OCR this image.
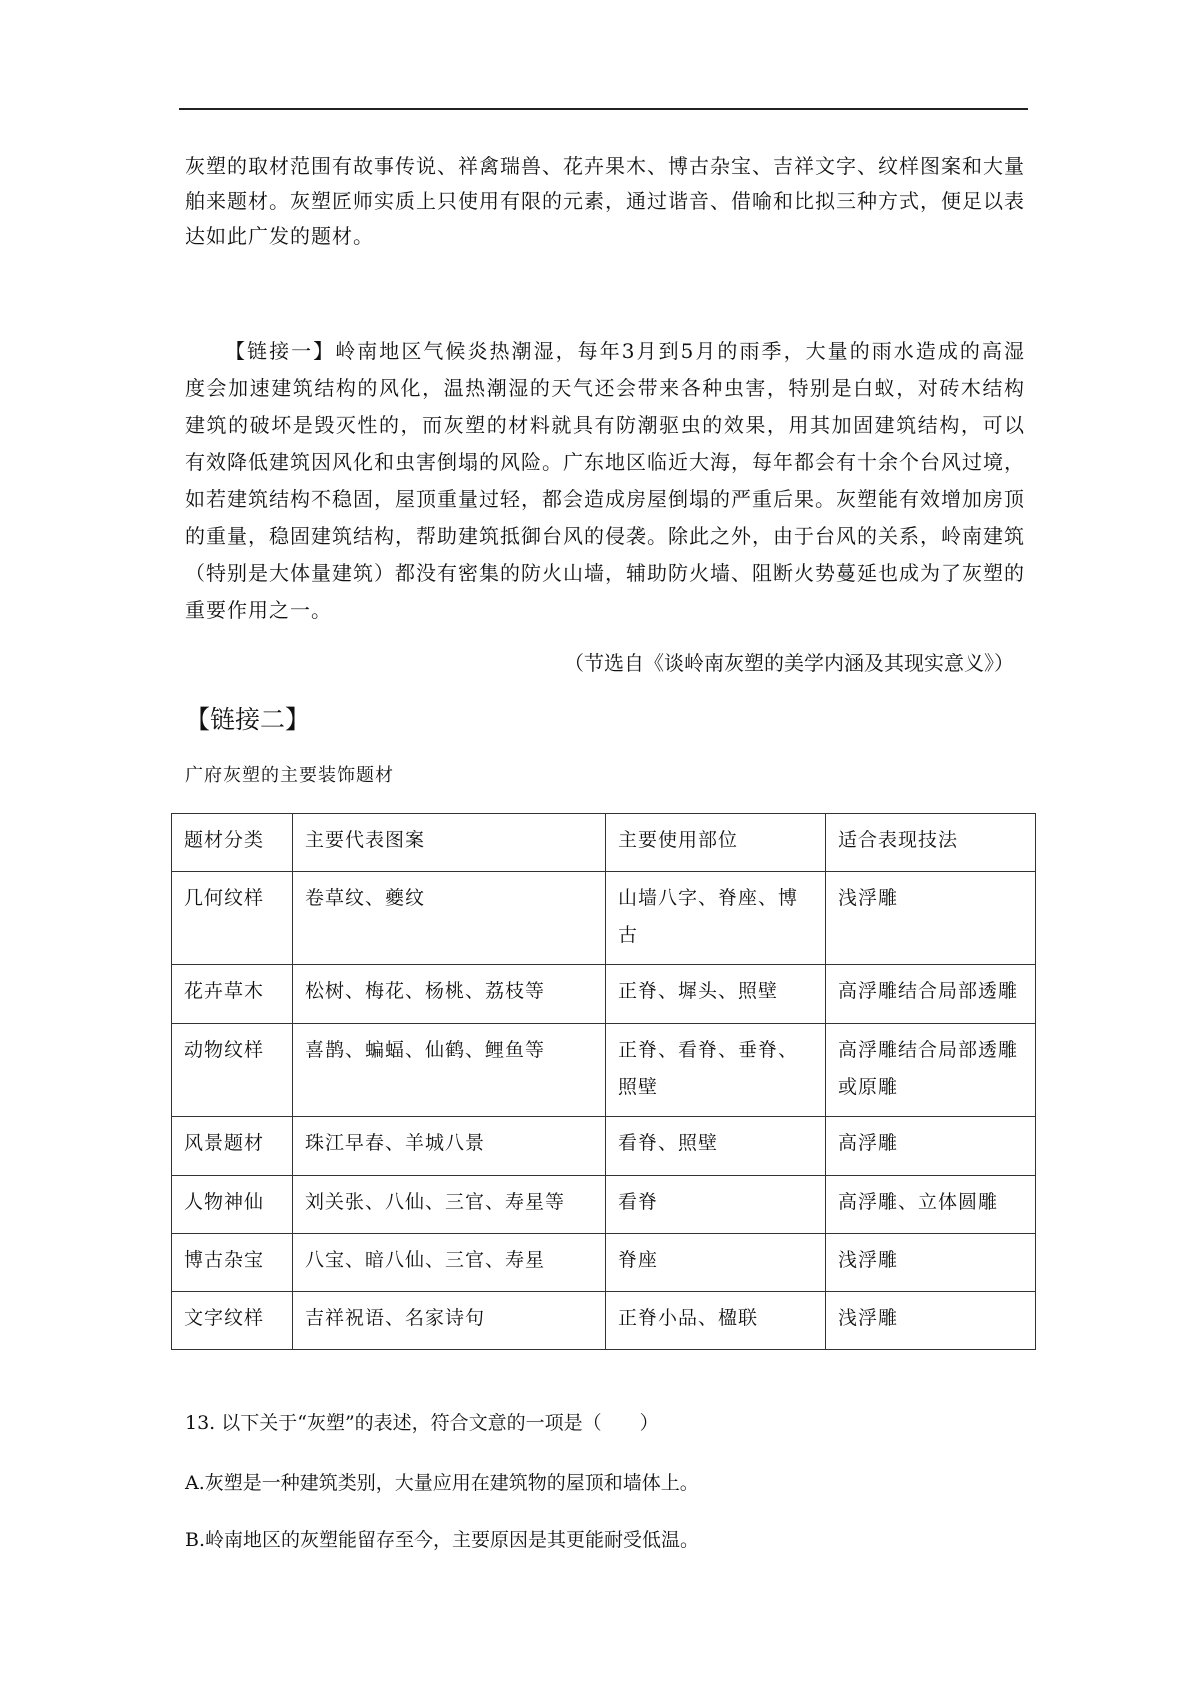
灰塑的取材范围有故事传说、祥禽瑞兽、花卉果木、博古杂宝、吉祥文字、纹样图案和大量
舶来题材。灰塑匠师实质上只使用有限的元素，通过谐音、借喻和比拟三种方式，便足以表
达如此广发的题材。
【链接一】岭南地区气候炎热潮湿，每年3月到5月的雨季，大量的雨水造成的高湿
度会加速建筑结构的风化，温热潮湿的天气还会带来各种虫害，特别是白蚁，对砖木结构
建筑的破坏是毁灭性的，而灰塑的材料就具有防潮驱虫的效果，用其加固建筑结构，可以
有效降低建筑因风化和虫害倒塌的风险。广东地区临近大海，每年都会有十余个台风过境，
如若建筑结构不稳固，屋顶重量过轻，都会造成房屋倒塌的严重后果。灰塑能有效增加房顶
的重量，稳固建筑结构，帮助建筑抵御台风的侵袭。除此之外，由于台风的关系，岭南建筑
（特别是大体量建筑）都没有密集的防火山墙，辅助防火墙、阻断火势蔓延也成为了灰塑的
重要作用之一。
（节选自《谈岭南灰塑的美学内涵及其现实意义》）
【链接二】
广府灰塑的主要装饰题材
题材分类	主要代表图案	主要使用部位	适合表现技法
几何纹样	卷草纹、夔纹	山墙八字、脊座、博古	浅浮雕
花卉草木	松树、梅花、杨桃、荔枝等	正脊、墀头、照壁	高浮雕结合局部透雕
动物纹样	喜鹊、蝙蝠、仙鹤、鲤鱼等	正脊、看脊、垂脊、照壁	高浮雕结合局部透雕或原雕
风景题材	珠江早春、羊城八景	看脊、照壁	高浮雕
人物神仙	刘关张、八仙、三官、寿星等	看脊	高浮雕、立体圆雕
博古杂宝	八宝、暗八仙、三官、寿星	脊座	浅浮雕
文字纹样	吉祥祝语、名家诗句	正脊小品、楹联	浅浮雕
13. 以下关于“灰塑”的表述，符合文意的一项是（　　）
A.灰塑是一种建筑类别，大量应用在建筑物的屋顶和墙体上。
B.岭南地区的灰塑能留存至今，主要原因是其更能耐受低温。
